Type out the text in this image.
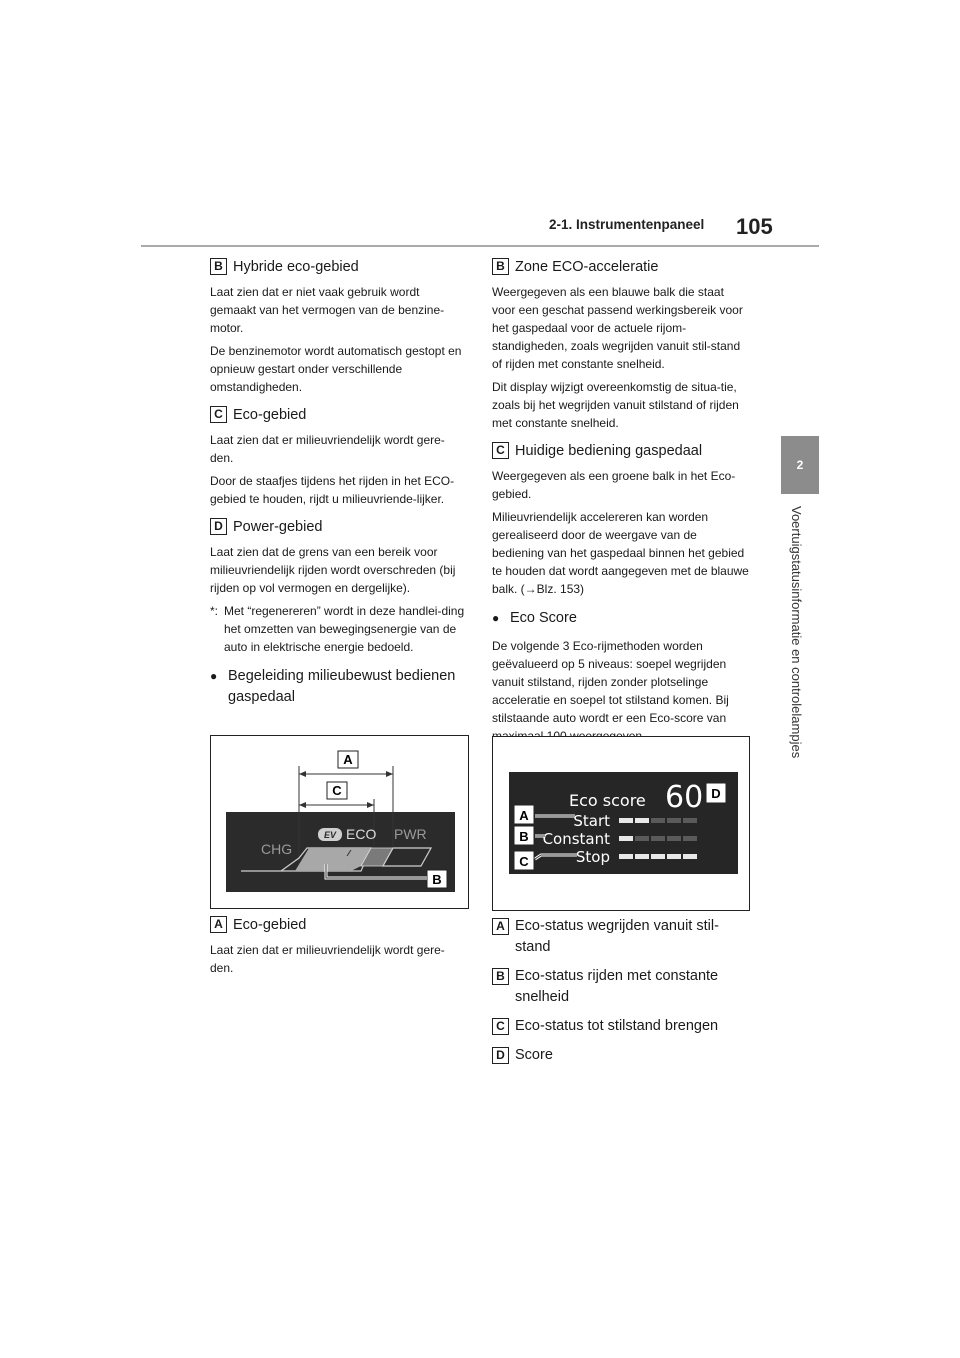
2-1. Instrumentenpaneel 105
2
Voertuigstatusinformatie en controlelampjes
B Hybride eco-gebied

Laat zien dat er niet vaak gebruik wordt gemaakt van het vermogen van de benzine-motor.

De benzinemotor wordt automatisch gestopt en opnieuw gestart onder verschillende omstandigheden.

C Eco-gebied

Laat zien dat er milieuvriendelijk wordt gere-den.

Door de staafjes tijdens het rijden in het ECO-gebied te houden, rijdt u milieuvriende-lijker.

D Power-gebied

Laat zien dat de grens van een bereik voor milieuvriendelijk rijden wordt overschreden (bij rijden op vol vermogen en dergelijke).

*: Met “regenereren” wordt in deze handlei-ding het omzetten van bewegingsenergie van de auto in elektrische energie bedoeld.
● Begeleiding milieubewust bedienen gaspedaal
A
C
B
CHG
EV ECO PWR
A Eco-gebied

Laat zien dat er milieuvriendelijk wordt gere-den.

B Zone ECO-acceleratie

Weergegeven als een blauwe balk die staat voor een geschat passend werkingsbereik voor het gaspedaal voor de actuele rijom-standigheden, zoals wegrijden vanuit stil-stand of rijden met constante snelheid.

Dit display wijzigt overeenkomstig de situa-tie, zoals bij het wegrijden vanuit stilstand of rijden met constante snelheid.

C Huidige bediening gaspedaal

Weergegeven als een groene balk in het Eco-gebied.

Milieuvriendelijk accelereren kan worden gerealiseerd door de weergave van de bediening van het gaspedaal binnen het gebied te houden dat wordt aangegeven met de blauwe balk. (→Blz. 153)

● Eco Score

De volgende 3 Eco-rijmethoden worden geëvalueerd op 5 niveaus: soepel wegrijden vanuit stilstand, rijden zonder plotselinge acceleratie en soepel tot stilstand komen. Bij stilstaande auto wordt er een Eco-score van

Eco score 60 D
Start
Constant
Stop
A
B
C
A Eco-status wegrijden vanuit stil-stand
B Eco-status rijden met constante snelheid
C Eco-status tot stilstand brengen
D Score
